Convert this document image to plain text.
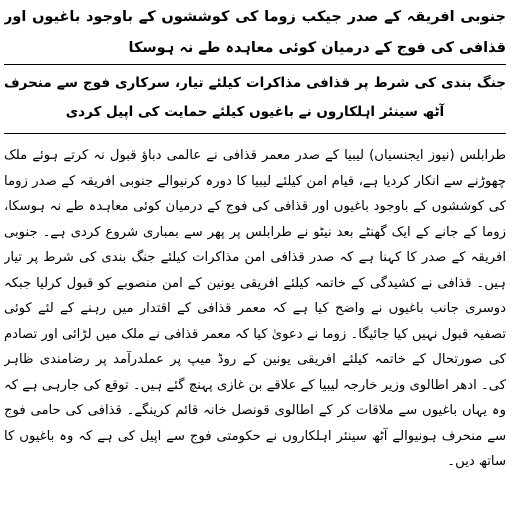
جنوبی افریقہ کے صدر جیکب زوما کی کوششوں کے باوجود باغیوں اور قذافی کی فوج کے درمیان کوئی معاہدہ طے نہ ہوسکا
جنگ بندی کی شرط پر قذافی مذاکرات کیلئے تیار، سرکاری فوج سے منحرف آٹھ سینئر اہلکاروں نے باغیوں کیلئے حمایت کی اپیل کردی
طرابلس (نیوز ایجنسیاں) لیبیا کے صدر معمر قذافی نے عالمی دباؤ قبول نہ کرتے ہوئے ملک چھوڑنے سے انکار کردیا ہے، قیام امن کیلئے لیبیا کا دورہ کرنیوالے جنوبی افریقہ کے صدر زوما کی کوششوں کے باوجود باغیوں اور قذافی کی فوج کے درمیان کوئی معاہدہ طے نہ ہوسکا، زوما کے جانے کے ایک گھنٹے بعد نیٹو نے طرابلس پر پھر سے بمباری شروع کردی ہے۔ جنوبی افریقہ کے صدر کا کہنا ہے کہ صدر قذافی امن مذاکرات کیلئے جنگ بندی کی شرط پر تیار ہیں۔ قذافی نے کشیدگی کے خاتمہ کیلئے افریقی یونین کے امن منصوبے کو قبول کرلیا جبکہ دوسری جانب باغیوں نے واضح کیا ہے کہ معمر قذافی کے اقتدار میں رہنے کے لئے کوئی تصفیہ قبول نہیں کیا جائیگا۔ زوما نے دعویٰ کیا کہ معمر قذافی نے ملک میں لڑائی اور تصادم کی صورتحال کے خاتمہ کیلئے افریقی یونین کے روڈ میپ پر عملدرآمد پر رضامندی ظاہر کی۔ ادھر اطالوی وزیر خارجہ لیبیا کے علاقے بن غازی پہنچ گئے ہیں۔ توقع کی جارہی ہے کہ وہ یہاں باغیوں سے ملاقات کر کے اطالوی قونصل خانہ قائم کرینگے۔ قذافی کی حامی فوج سے منحرف ہونیوالے آٹھ سینئر اہلکاروں نے حکومتی فوج سے اپیل کی ہے کہ وہ باغیوں کا ساتھ دیں۔
